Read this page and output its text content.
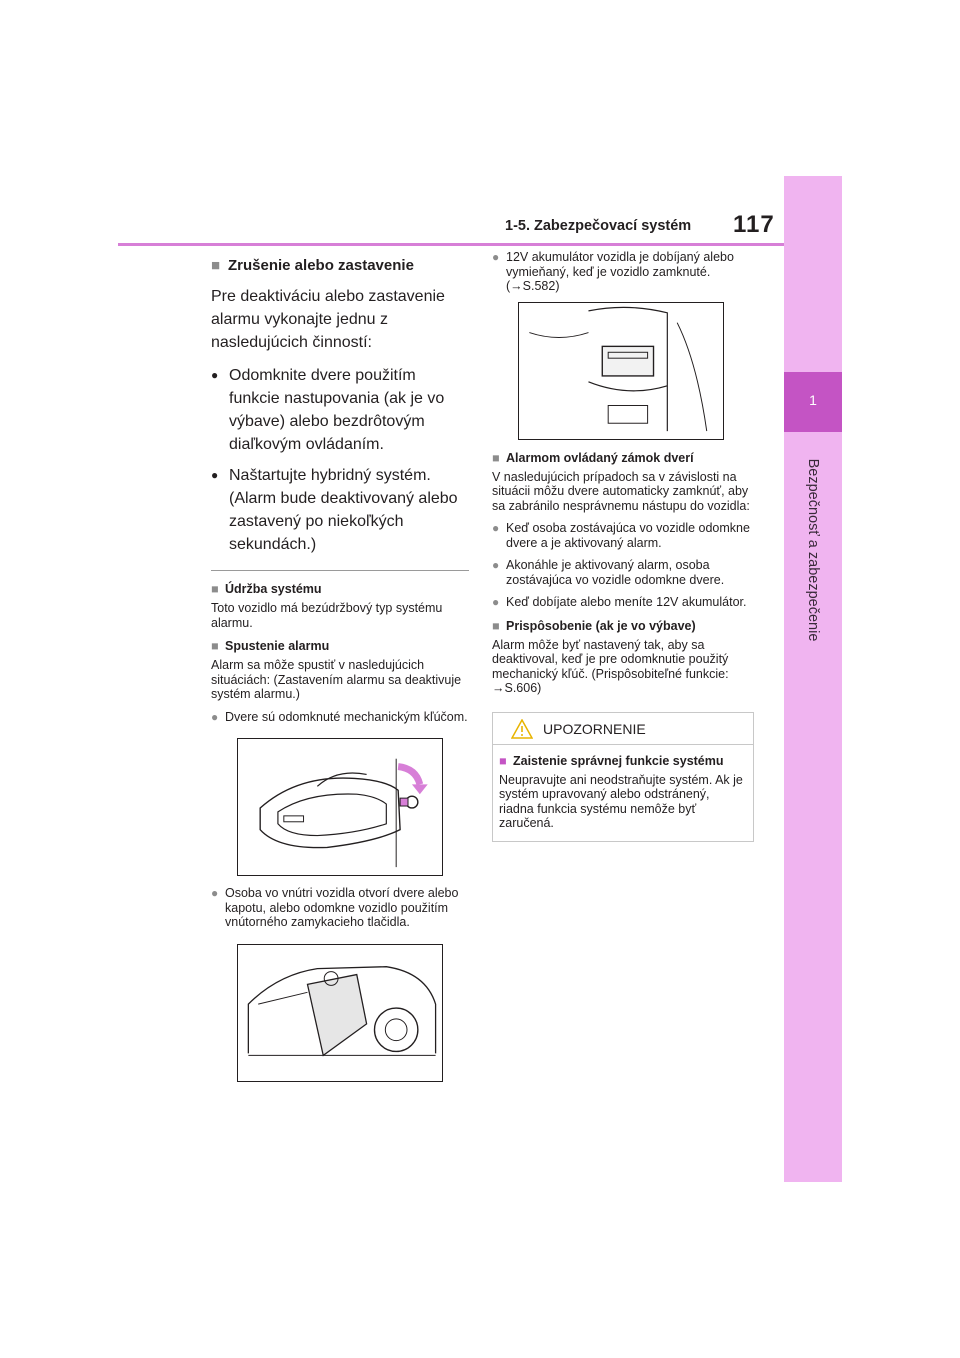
1
Bezpečnosť a zabezpečenie
1-5. Zabezpečovací systém 117
■ Zrušenie alebo zastavenie
Pre deaktiváciu alebo zastavenie alarmu vykonajte jednu z nasledujúcich činností:
● Odomknite dvere použitím funkcie nastupovania (ak je vo výbave) alebo bezdrôtovým diaľkovým ovládaním.
● Naštartujte hybridný systém. (Alarm bude deaktivovaný alebo zastavený po niekoľkých sekundách.)
■ Údržba systému
Toto vozidlo má bezúdržbový typ systému alarmu.
■ Spustenie alarmu
Alarm sa môže spustiť v nasledujúcich situáciách: (Zastavením alarmu sa deaktivuje systém alarmu.)
● Dvere sú odomknuté mechanickým kľúčom.
● Osoba vo vnútri vozidla otvorí dvere alebo kapotu, alebo odomkne vozidlo použitím vnútorného zamykacieho tlačidla.
● 12V akumulátor vozidla je dobíjaný alebo vymieňaný, keď je vozidlo zamknuté. (→S.582)
■ Alarmom ovládaný zámok dverí
V nasledujúcich prípadoch sa v závislosti na situácii môžu dvere automaticky zamknúť, aby sa zabránilo nesprávnemu nástupu do vozidla:
● Keď osoba zostávajúca vo vozidle odomkne dvere a je aktivovaný alarm.
● Akonáhle je aktivovaný alarm, osoba zostávajúca vo vozidle odomkne dvere.
● Keď dobíjate alebo meníte 12V akumulátor.
■ Prispôsobenie (ak je vo výbave)
Alarm môže byť nastavený tak, aby sa deaktivoval, keď je pre odomknutie použitý mechanický kľúč. (Prispôsobiteľné funkcie: →S.606)
UPOZORNENIE
■ Zaistenie správnej funkcie systému
Neupravujte ani neodstraňujte systém. Ak je systém upravovaný alebo odstránený, riadna funkcia systému nemôže byť zaručená.
